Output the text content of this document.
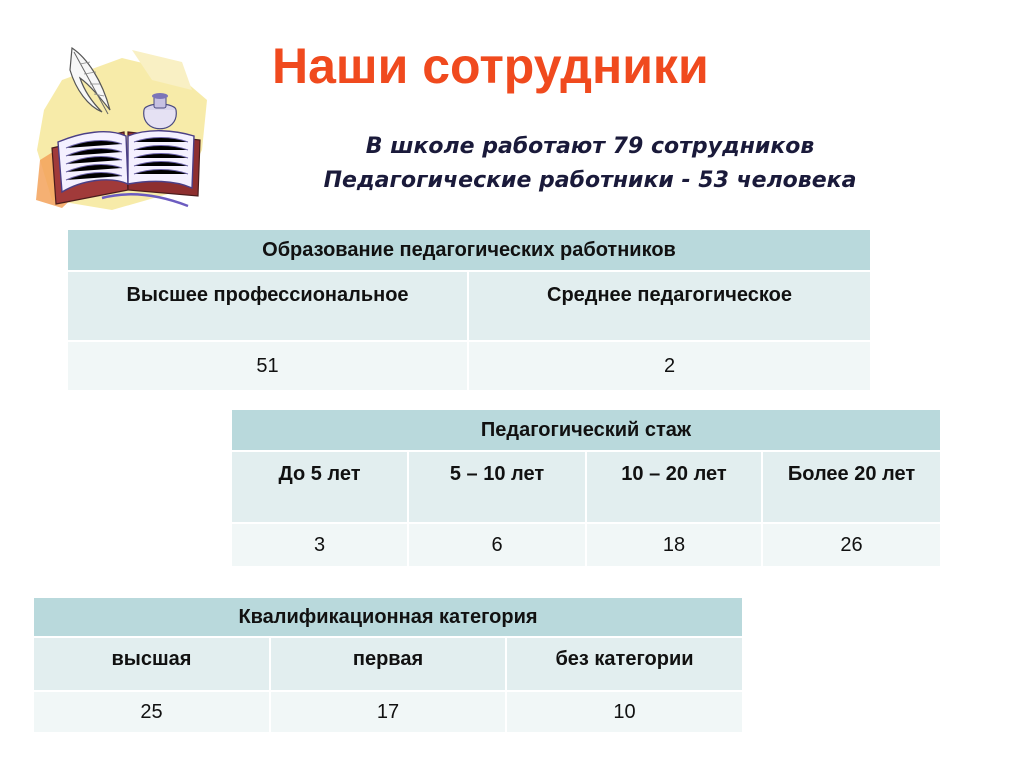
Наши сотрудники
В школе работают 79 сотрудников
Педагогические работники - 53 человека
Образование педагогических работников	
Высшее профессиональное	Среднее педагогическое
51	2
Педагогический стаж			
До 5 лет	5 – 10 лет	10 – 20 лет	Более 20 лет
3	6	18	26
Квалификационная категория		
высшая	первая	без категории
25	17	10
